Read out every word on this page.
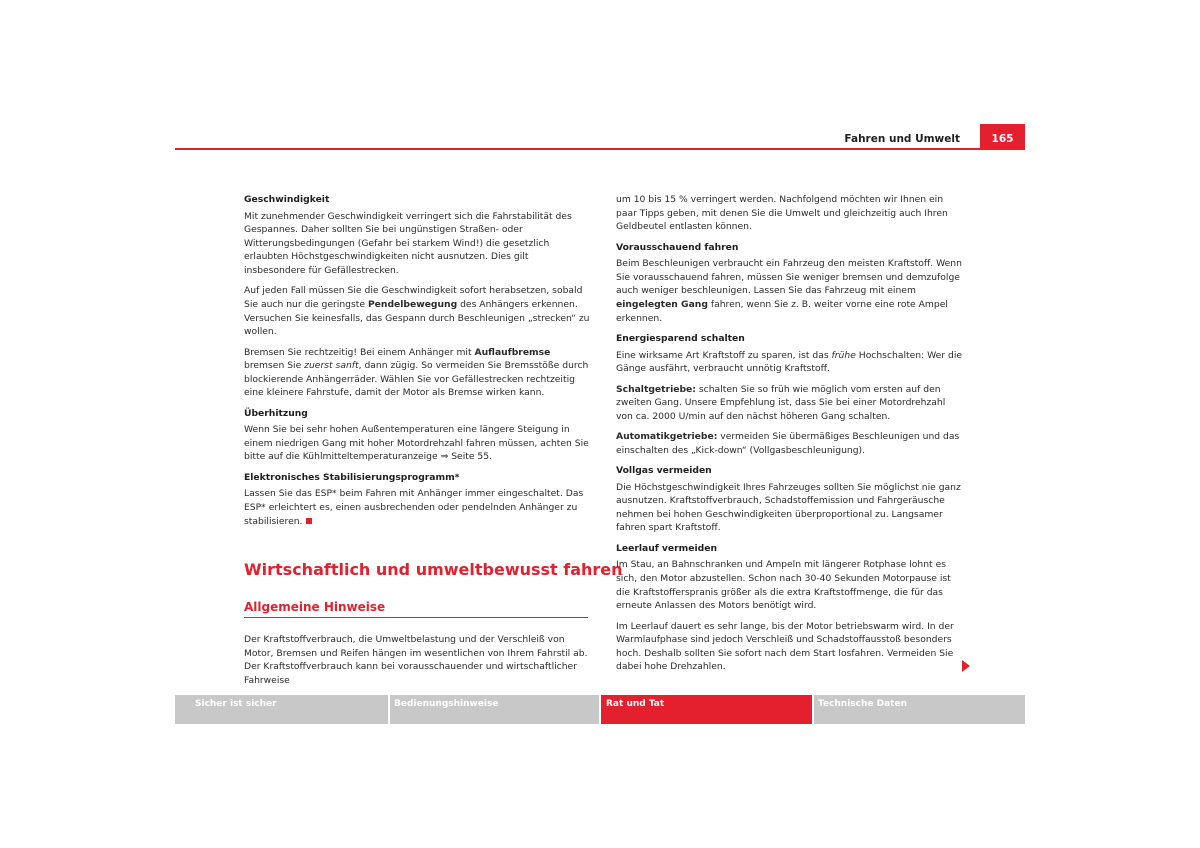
Fahren und Umwelt	165

Geschwindigkeit

Mit zunehmender Geschwindigkeit verringert sich die Fahrstabilität des Gespannes. Daher sollten Sie bei ungünstigen Straßen- oder Witterungsbedingungen (Gefahr bei starkem Wind!) die gesetzlich erlaubten Höchstgeschwindigkeiten nicht ausnutzen. Dies gilt insbesondere für Gefällestrecken.

Auf jeden Fall müssen Sie die Geschwindigkeit sofort herabsetzen, sobald Sie auch nur die geringste Pendelbewegung des Anhängers erkennen. Versuchen Sie keinesfalls, das Gespann durch Beschleunigen „strecken“ zu wollen.

Bremsen Sie rechtzeitig! Bei einem Anhänger mit Auflaufbremse bremsen Sie zuerst sanft, dann zügig. So vermeiden Sie Bremsstöße durch blockierende Anhängerräder. Wählen Sie vor Gefällestrecken rechtzeitig eine kleinere Fahrstufe, damit der Motor als Bremse wirken kann.

Überhitzung

Wenn Sie bei sehr hohen Außentemperaturen eine längere Steigung in einem niedrigen Gang mit hoher Motordrehzahl fahren müssen, achten Sie bitte auf die Kühlmitteltemperaturanzeige ⇒ Seite 55.

Elektronisches Stabilisierungsprogramm*

Lassen Sie das ESP* beim Fahren mit Anhänger immer eingeschaltet. Das ESP* erleichtert es, einen ausbrechenden oder pendelnden Anhänger zu stabilisieren.

Wirtschaftlich und umweltbewusst fahren
Allgemeine Hinweise
Der Kraftstoffverbrauch, die Umweltbelastung und der Verschleiß von Motor, Bremsen und Reifen hängen im wesentlichen von Ihrem Fahrstil ab. Der Kraftstoffverbrauch kann bei vorausschauender und wirtschaftlicher Fahrweise

um 10 bis 15 % verringert werden. Nachfolgend möchten wir Ihnen ein paar Tipps geben, mit denen Sie die Umwelt und gleichzeitig auch Ihren Geldbeutel entlasten können.

Vorausschauend fahren

Beim Beschleunigen verbraucht ein Fahrzeug den meisten Kraftstoff. Wenn Sie vorausschauend fahren, müssen Sie weniger bremsen und demzufolge auch weniger beschleunigen. Lassen Sie das Fahrzeug mit einem eingelegten Gang fahren, wenn Sie z. B. weiter vorne eine rote Ampel erkennen.

Energiesparend schalten

Eine wirksame Art Kraftstoff zu sparen, ist das frühe Hochschalten: Wer die Gänge ausfährt, verbraucht unnötig Kraftstoff.

Schaltgetriebe: schalten Sie so früh wie möglich vom ersten auf den zweiten Gang. Unsere Empfehlung ist, dass Sie bei einer Motordrehzahl von ca. 2000 U/min auf den nächst höheren Gang schalten.

Automatikgetriebe: vermeiden Sie übermäßiges Beschleunigen und das einschalten des „Kick-down“ (Vollgasbeschleunigung).

Vollgas vermeiden

Die Höchstgeschwindigkeit Ihres Fahrzeuges sollten Sie möglichst nie ganz ausnutzen. Kraftstoffverbrauch, Schadstoffemission und Fahrgeräusche nehmen bei hohen Geschwindigkeiten überproportional zu. Langsamer fahren spart Kraftstoff.

Leerlauf vermeiden

Im Stau, an Bahnschranken und Ampeln mit längerer Rotphase lohnt es sich, den Motor abzustellen. Schon nach 30-40 Sekunden Motorpause ist die Kraftstofferspranis größer als die extra Kraftstoffmenge, die für das erneute Anlassen des Motors benötigt wird.

Im Leerlauf dauert es sehr lange, bis der Motor betriebswarm wird. In der Warmlaufphase sind jedoch Verschleiß und Schadstoffausstoß besonders hoch. Deshalb sollten Sie sofort nach dem Start losfahren. Vermeiden Sie dabei hohe Drehzahlen.

Sicher ist sicher	Bedienungshinweise	Rat und Tat	Technische Daten
